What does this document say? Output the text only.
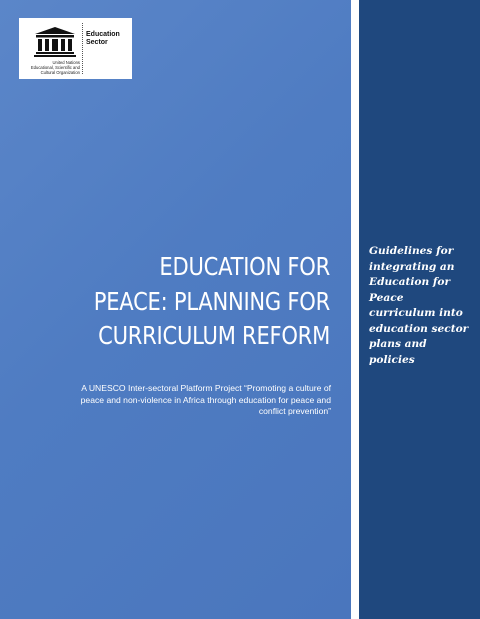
Education
Sector
United Nations
Educational, Scientific and
Cultural Organization
EDUCATION FOR
PEACE: PLANNING FOR
CURRICULUM REFORM

A UNESCO Inter-sectoral Platform Project “Promoting a culture of
peace and non-violence in Africa through education for peace and
conflict prevention”

Guidelines for
integrating an
Education for
Peace
curriculum into
education sector
plans and
policies
